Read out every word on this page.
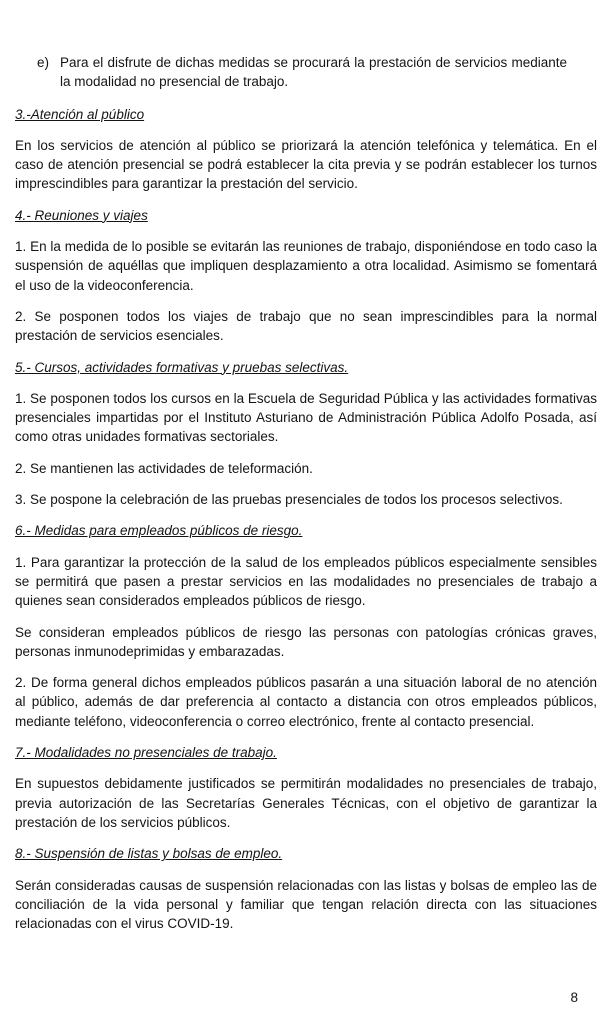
e) Para el disfrute de dichas medidas se procurará la prestación de servicios mediante la modalidad no presencial de trabajo.
3.-Atención al público

En los servicios de atención al público se priorizará la atención telefónica y telemática. En el caso de atención presencial se podrá establecer la cita previa y se podrán establecer los turnos imprescindibles para garantizar la prestación del servicio.

4.- Reuniones y viajes

1. En la medida de lo posible se evitarán las reuniones de trabajo, disponiéndose en todo caso la suspensión de aquéllas que impliquen desplazamiento a otra localidad. Asimismo se fomentará el uso de la videoconferencia.

2. Se posponen todos los viajes de trabajo que no sean imprescindibles para la normal prestación de servicios esenciales.

5.- Cursos, actividades formativas y pruebas selectivas.

1. Se posponen todos los cursos en la Escuela de Seguridad Pública y las actividades formativas presenciales impartidas por el Instituto Asturiano de Administración Pública Adolfo Posada, así como otras unidades formativas sectoriales.

2. Se mantienen las actividades de teleformación.

3. Se pospone la celebración de las pruebas presenciales de todos los procesos selectivos.

6.- Medidas para empleados públicos de riesgo.

1. Para garantizar la protección de la salud de los empleados públicos especialmente sensibles se permitirá que pasen a prestar servicios en las modalidades no presenciales de trabajo a quienes sean considerados empleados públicos de riesgo.

Se consideran empleados públicos de riesgo las personas con patologías crónicas graves, personas inmunodeprimidas y embarazadas.

2. De forma general dichos empleados públicos pasarán a una situación laboral de no atención al público, además de dar preferencia al contacto a distancia con otros empleados públicos, mediante teléfono, videoconferencia o correo electrónico, frente al contacto presencial.

7.- Modalidades no presenciales de trabajo.

En supuestos debidamente justificados se permitirán modalidades no presenciales de trabajo, previa autorización de las Secretarías Generales Técnicas, con el objetivo de garantizar la prestación de los servicios públicos.

8.- Suspensión de listas y bolsas de empleo.

Serán consideradas causas de suspensión relacionadas con las listas y bolsas de empleo las de conciliación de la vida personal y familiar que tengan relación directa con las situaciones relacionadas con el virus COVID-19.

8
